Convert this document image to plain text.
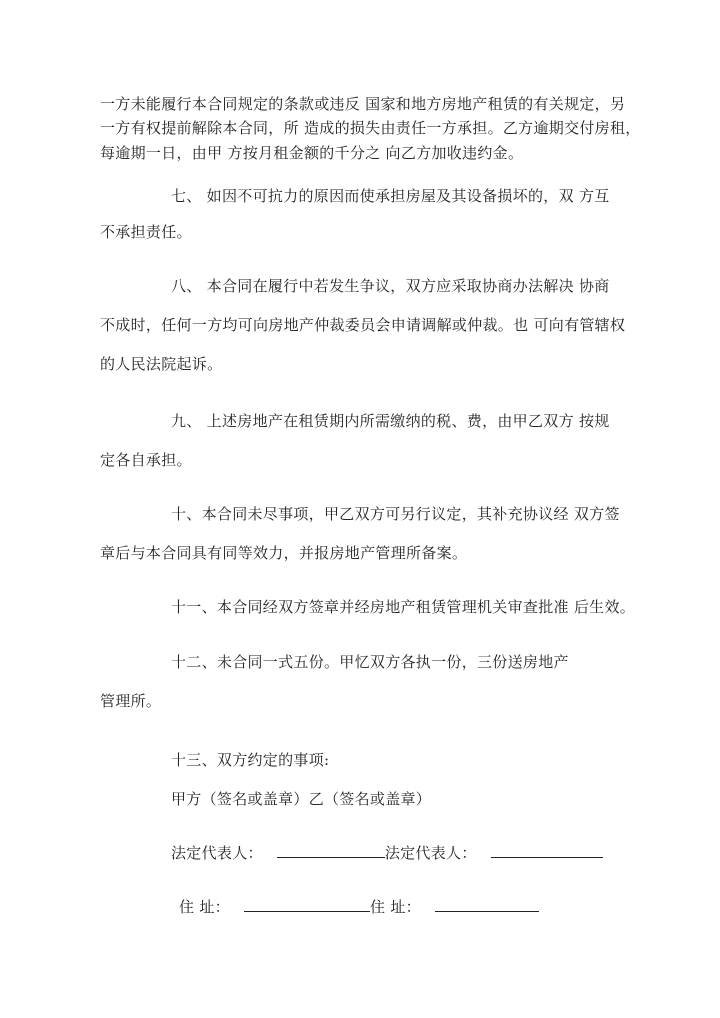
一方未能履行本合同规定的条款或违反 国家和地方房地产租赁的有关规定，另
一方有权提前解除本合同，所 造成的损失由责任一方承担。乙方逾期交付房租，
每逾期一日，由甲 方按月租金额的千分之 向乙方加收违约金。
七、 如因不可抗力的原因而使承担房屋及其设备损坏的，双 方互
不承担责任。
八、 本合同在履行中若发生争议，双方应采取协商办法解决 协商
不成时，任何一方均可向房地产仲裁委员会申请调解或仲裁。也 可向有管辖权
的人民法院起诉。
九、 上述房地产在租赁期内所需缴纳的税、费，由甲乙双方 按规
定各自承担。
十、本合同未尽事项，甲乙双方可另行议定，其补充协议经 双方签
章后与本合同具有同等效力，并报房地产管理所备案。
十一、本合同经双方签章并经房地产租赁管理机关审查批准 后生效。
十二、未合同一式五份。甲忆双方各执一份，三份送房地产
管理所。
十三、双方约定的事项:
甲方（签名或盖章）乙（签名或盖章）
法定代表人：	法定代表人：
住 址：	住 址：
